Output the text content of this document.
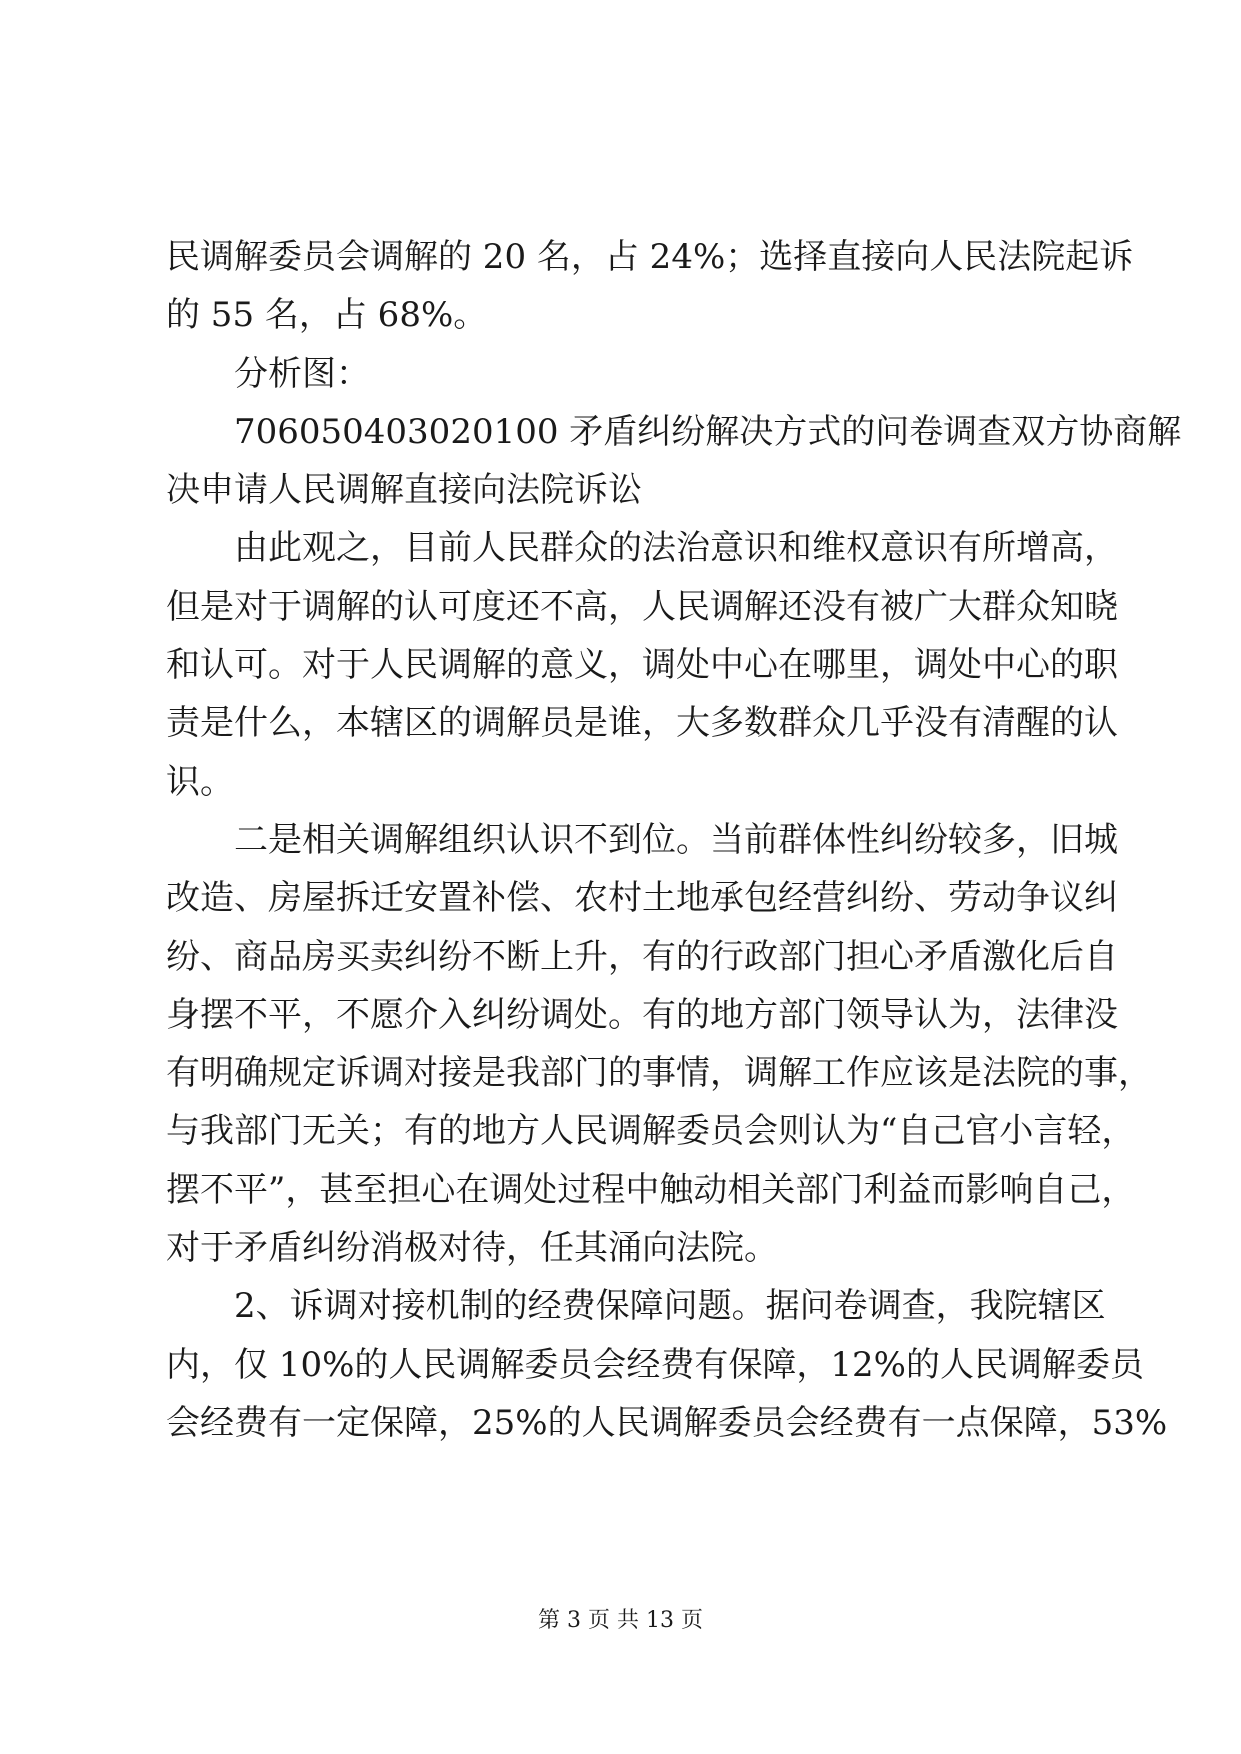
民调解委员会调解的 20 名，占 24%；选择直接向人民法院起诉
的 55 名，占 68%。
分析图：
706050403020100 矛盾纠纷解决方式的问卷调查双方协商解
决申请人民调解直接向法院诉讼
由此观之，目前人民群众的法治意识和维权意识有所增高，
但是对于调解的认可度还不高，人民调解还没有被广大群众知晓
和认可。对于人民调解的意义，调处中心在哪里，调处中心的职
责是什么，本辖区的调解员是谁，大多数群众几乎没有清醒的认
识。
二是相关调解组织认识不到位。当前群体性纠纷较多，旧城
改造、房屋拆迁安置补偿、农村土地承包经营纠纷、劳动争议纠
纷、商品房买卖纠纷不断上升，有的行政部门担心矛盾激化后自
身摆不平，不愿介入纠纷调处。有的地方部门领导认为，法律没
有明确规定诉调对接是我部门的事情，调解工作应该是法院的事，
与我部门无关；有的地方人民调解委员会则认为“自己官小言轻，
摆不平”，甚至担心在调处过程中触动相关部门利益而影响自己，
对于矛盾纠纷消极对待，任其涌向法院。
2、诉调对接机制的经费保障问题。据问卷调查，我院辖区
内，仅 10%的人民调解委员会经费有保障，12%的人民调解委员
会经费有一定保障，25%的人民调解委员会经费有一点保障，53%
第 3 页 共 13 页
